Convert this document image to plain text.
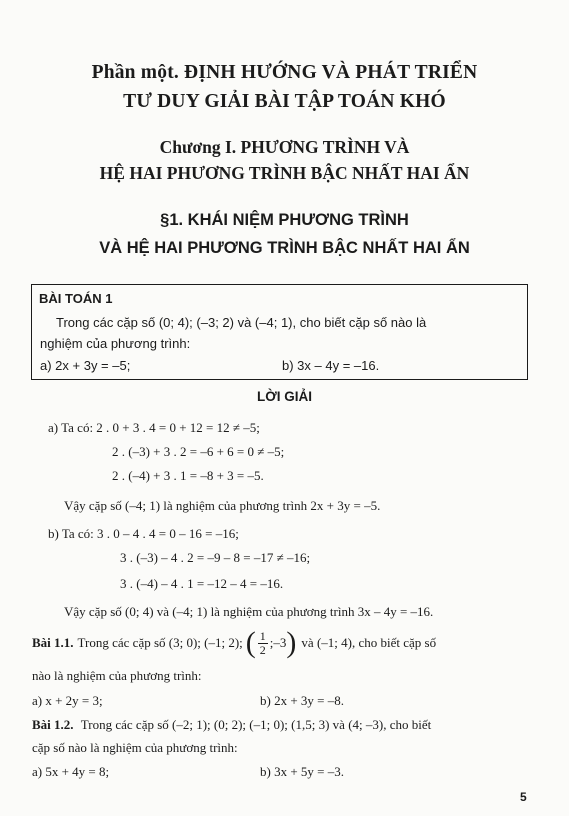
Phần một. ĐỊNH HƯỚNG VÀ PHÁT TRIỂN
TƯ DUY GIẢI BÀI TẬP TOÁN KHÓ
Chương I. PHƯƠNG TRÌNH VÀ
HỆ HAI PHƯƠNG TRÌNH BẬC NHẤT HAI ẨN
§1. KHÁI NIỆM PHƯƠNG TRÌNH
VÀ HỆ HAI PHƯƠNG TRÌNH BẬC NHẤT HAI ẨN
BÀI TOÁN 1
Trong các cặp số (0; 4); (–3; 2) và (–4; 1), cho biết cặp số nào là
nghiệm của phương trình:
a) 2x + 3y = –5;	b) 3x – 4y = –16.
LỜI GIẢI
a) Ta có: 2 . 0 + 3 . 4 = 0 + 12 = 12 ≠ –5;
2 . (–3) + 3 . 2 = –6 + 6 = 0 ≠ –5;
2 . (–4) + 3 . 1 = –8 + 3 = –5.
Vậy cặp số (–4; 1) là nghiệm của phương trình 2x + 3y = –5.
b) Ta có: 3 . 0 – 4 . 4 = 0 – 16 = –16;
3 . (–3) – 4 . 2 = –9 – 8 = –17 ≠ –16;
3 . (–4) – 4 . 1 = –12 – 4 = –16.
Vậy cặp số (0; 4) và (–4; 1) là nghiệm của phương trình 3x – 4y = –16.
Bài 1.1. Trong các cặp số (3; 0); (–1; 2); ( $\frac{1}{2}$ ;–3 ) và (–1; 4), cho biết cặp số
nào là nghiệm của phương trình:
a) x + 2y = 3;	b) 2x + 3y = –8.
Bài 1.2. Trong các cặp số (–2; 1); (0; 2); (–1; 0); (1,5; 3) và (4; –3), cho biết
cặp số nào là nghiệm của phương trình:
a) 5x + 4y = 8;	b) 3x + 5y = –3.
5
